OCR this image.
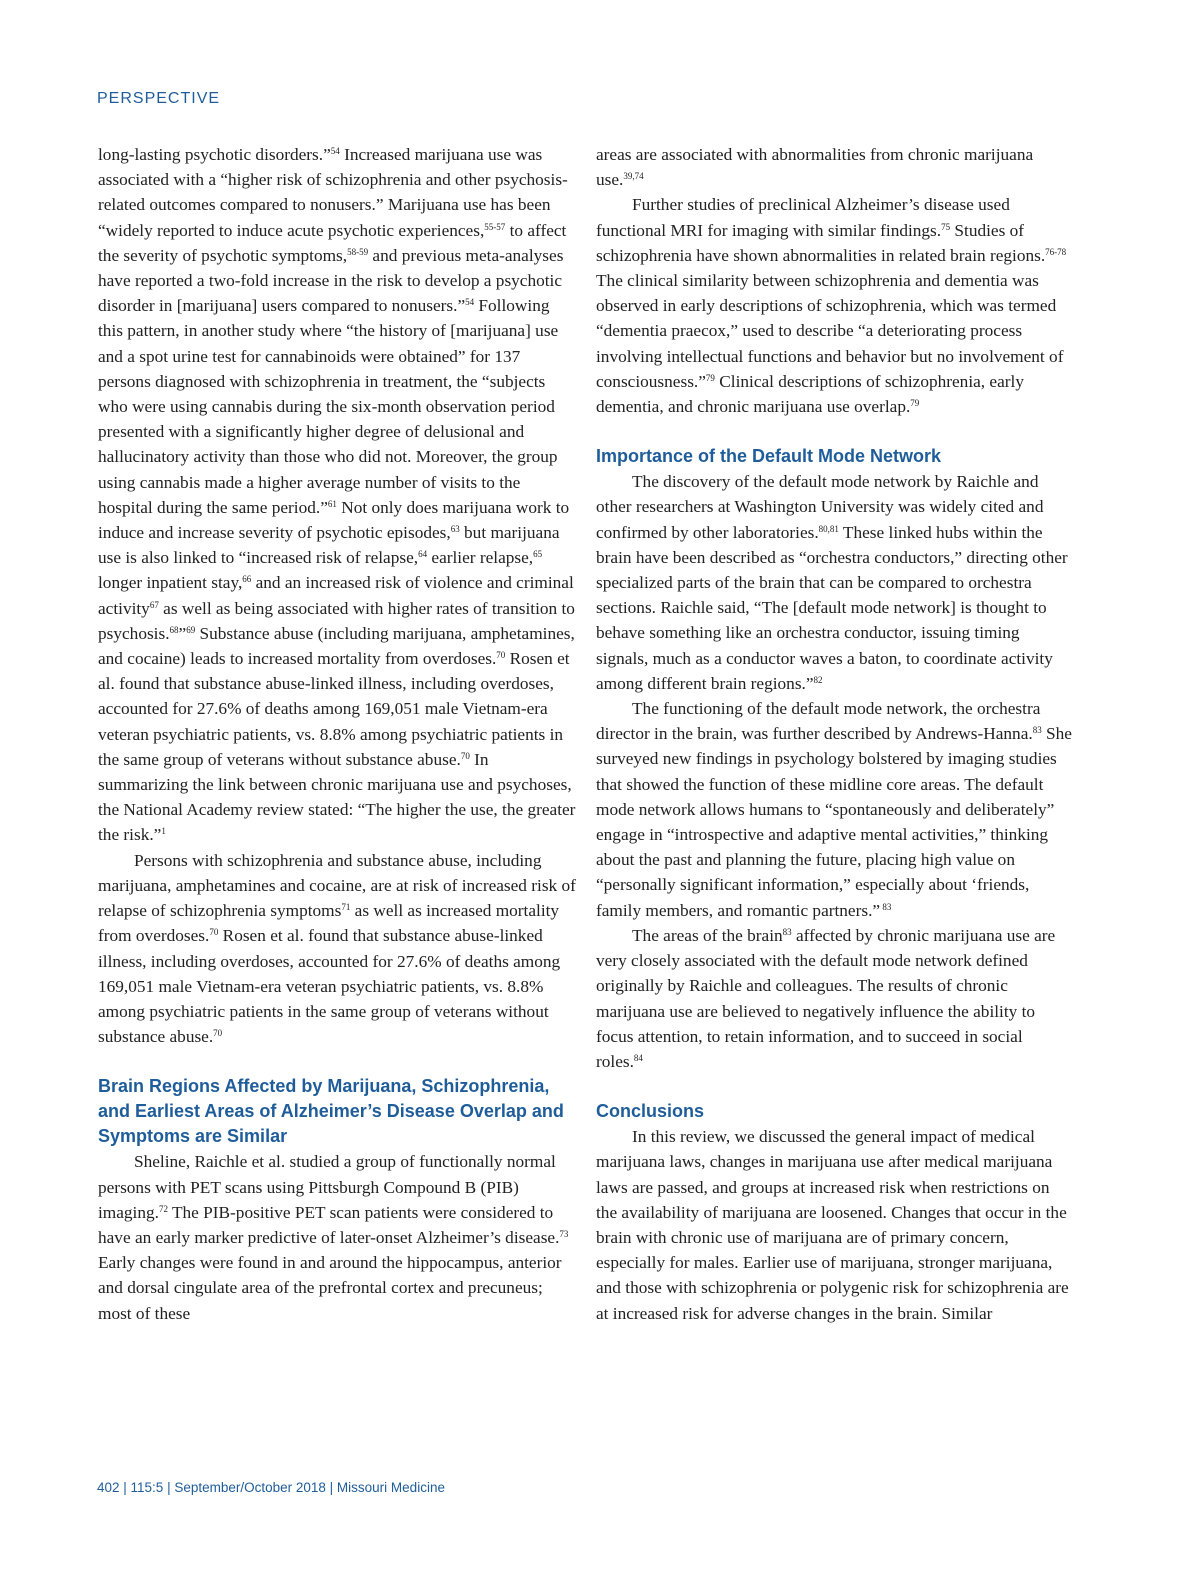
PERSPECTIVE

long-lasting psychotic disorders.”$^{54}$ Increased marijuana use was associated with a “higher risk of schizophrenia and other psychosis-related outcomes compared to nonusers.” Marijuana use has been “widely reported to induce acute psychotic experiences,$^{55-57}$ to affect the severity of psychotic symptoms,$^{58-59}$ and previous meta-analyses have reported a two-fold increase in the risk to develop a psychotic disorder in [marijuana] users compared to nonusers.”$^{54}$ Following this pattern, in another study where “the history of [marijuana] use and a spot urine test for cannabinoids were obtained” for 137 persons diagnosed with schizophrenia in treatment, the “subjects who were using cannabis during the six-month observation period presented with a significantly higher degree of delusional and hallucinatory activity than those who did not. Moreover, the group using cannabis made a higher average number of visits to the hospital during the same period.”$^{61}$ Not only does marijuana work to induce and increase severity of psychotic episodes,$^{63}$ but marijuana use is also linked to “increased risk of relapse,$^{64}$ earlier relapse,$^{65}$ longer inpatient stay,$^{66}$ and an increased risk of violence and criminal activity$^{67}$ as well as being associated with higher rates of transition to psychosis.$^{68}$”$^{69}$ Substance abuse (including marijuana, amphetamines, and cocaine) leads to increased mortality from overdoses.$^{70}$ Rosen et al. found that substance abuse-linked illness, including overdoses, accounted for 27.6% of deaths among 169,051 male Vietnam-era veteran psychiatric patients, vs. 8.8% among psychiatric patients in the same group of veterans without substance abuse.$^{70}$ In summarizing the link between chronic marijuana use and psychoses, the National Academy review stated: “The higher the use, the greater the risk.”$^1$

Persons with schizophrenia and substance abuse, including marijuana, amphetamines and cocaine, are at risk of increased risk of relapse of schizophrenia symptoms$^{71}$ as well as increased mortality from overdoses.$^{70}$ Rosen et al. found that substance abuse-linked illness, including overdoses, accounted for 27.6% of deaths among 169,051 male Vietnam-era veteran psychiatric patients, vs. 8.8% among psychiatric patients in the same group of veterans without substance abuse.$^{70}$

Brain Regions Affected by Marijuana, Schizophrenia, and Earliest Areas of Alzheimer’s Disease Overlap and Symptoms are Similar

Sheline, Raichle et al. studied a group of functionally normal persons with PET scans using Pittsburgh Compound B (PIB) imaging.$^{72}$ The PIB-positive PET scan patients were considered to have an early marker predictive of later-onset Alzheimer’s disease.$^{73}$ Early changes were found in and around the hippocampus, anterior and dorsal cingulate area of the prefrontal cortex and precuneus; most of these

areas are associated with abnormalities from chronic marijuana use.$^{39,74}$

Further studies of preclinical Alzheimer’s disease used functional MRI for imaging with similar findings.$^{75}$ Studies of schizophrenia have shown abnormalities in related brain regions.$^{76-78}$ The clinical similarity between schizophrenia and dementia was observed in early descriptions of schizophrenia, which was termed “dementia praecox,” used to describe “a deteriorating process involving intellectual functions and behavior but no involvement of consciousness.”$^{79}$ Clinical descriptions of schizophrenia, early dementia, and chronic marijuana use overlap.$^{79}$

Importance of the Default Mode Network

The discovery of the default mode network by Raichle and other researchers at Washington University was widely cited and confirmed by other laboratories.$^{80,81}$ These linked hubs within the brain have been described as “orchestra conductors,” directing other specialized parts of the brain that can be compared to orchestra sections. Raichle said, “The [default mode network] is thought to behave something like an orchestra conductor, issuing timing signals, much as a conductor waves a baton, to coordinate activity among different brain regions.”$^{82}$

The functioning of the default mode network, the orchestra director in the brain, was further described by Andrews-Hanna.$^{83}$ She surveyed new findings in psychology bolstered by imaging studies that showed the function of these midline core areas. The default mode network allows humans to “spontaneously and deliberately” engage in “introspective and adaptive mental activities,” thinking about the past and planning the future, placing high value on “personally significant information,” especially about ‘friends, family members, and romantic partners.” $^{83}$

The areas of the brain$^{83}$ affected by chronic marijuana use are very closely associated with the default mode network defined originally by Raichle and colleagues. The results of chronic marijuana use are believed to negatively influence the ability to focus attention, to retain information, and to succeed in social roles.$^{84}$

Conclusions

In this review, we discussed the general impact of medical marijuana laws, changes in marijuana use after medical marijuana laws are passed, and groups at increased risk when restrictions on the availability of marijuana are loosened. Changes that occur in the brain with chronic use of marijuana are of primary concern, especially for males. Earlier use of marijuana, stronger marijuana, and those with schizophrenia or polygenic risk for schizophrenia are at increased risk for adverse changes in the brain. Similar

402 | 115:5 | September/October 2018 | Missouri Medicine
